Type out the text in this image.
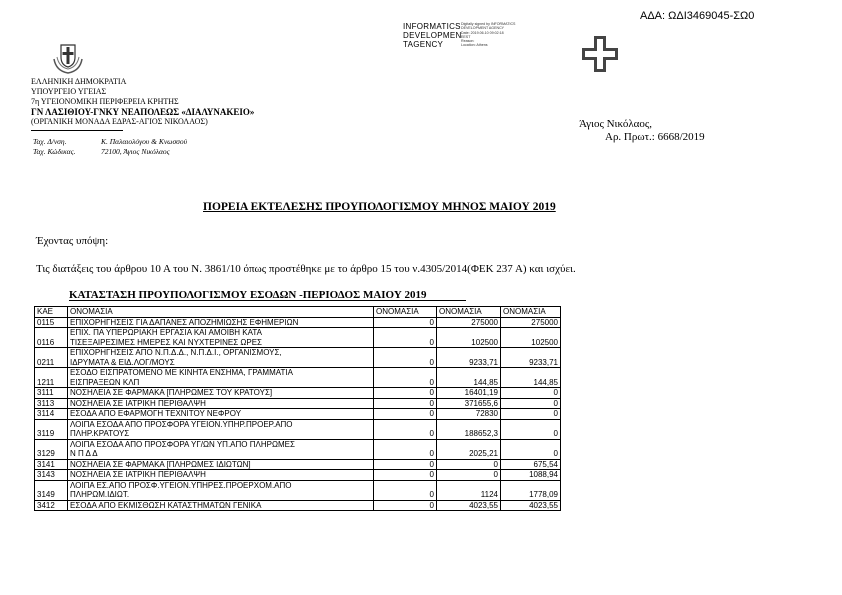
ΑΔΑ: ΩΔΙ3469045-ΣΩ0
INFORMATICS
DEVELOPMEN
TAGENCY
Digitally signed by INFORMATICS
DEVELOPMENT AGENCY
Date: 2019.06.10 09:02:18
EEST
Reason:
Location: Athens
ΕΛΛΗΝΙΚΗ ΔΗΜΟΚΡΑΤΙΑ
ΥΠΟΥΡΓΕΙΟ ΥΓΕΙΑΣ
7η ΥΓΕΙΟΝΟΜΙΚΗ ΠΕΡΙΦΕΡΕΙΑ ΚΡΗΤΗΣ
ΓΝ ΛΑΣΙΘΙΟΥ-ΓΝΚΥ ΝΕΑΠΟΛΕΩΣ «ΔΙΑΛΥΝΑΚΕΙΟ»
(ΟΡΓΑΝΙΚΗ ΜΟΝΑΔΑ ΕΔΡΑΣ-ΑΓΙΟΣ ΝΙΚΟΛΑΟΣ)
Ταχ. Δ/νση.	Κ. Παλαιολόγου & Κνωσσού
Ταχ. Κώδικας.	72100, Άγιος Νικόλαος
Άγιος Νικόλαος,
Αρ. Πρωτ.: 6668/2019
ΠΟΡΕΙΑ ΕΚΤΕΛΕΣΗΣ ΠΡΟΥΠΟΛΟΓΙΣΜΟΥ ΜΗΝΟΣ ΜΑΙΟΥ 2019
Έχοντας υπόψη:
Τις διατάξεις του άρθρου 10 Α του Ν. 3861/10 όπως προστέθηκε με το άρθρο 15 του ν.4305/2014(ΦΕΚ 237 Α) και ισχύει.
ΚΑΤΑΣΤΑΣΗ ΠΡΟΥΠΟΛΟΓΙΣΜΟΥ ΕΣΟΔΩΝ -ΠΕΡΙΟΔΟΣ ΜΑΙΟΥ 2019
ΚΑΕ	ΟΝΟΜΑΣΙΑ	ΟΝΟΜΑΣΙΑ	ΟΝΟΜΑΣΙΑ	ΟΝΟΜΑΣΙΑ
0115	ΕΠΙΧΟΡΗΓΗΣΕΙΣ ΓΙΑ ΔΑΠΑΝΕΣ ΑΠΟΖΗΜΙΩΣΗΣ ΕΦΗΜΕΡΙΩΝ	0	275000	275000
0116	ΕΠΙΧ. ΠΑ ΥΠΕΡΩΡΙΑΚΗ ΕΡΓΑΣΙΑ ΚΑΙ ΑΜΟΙΒΗ ΚΑΤΑ
ΤΙΣΕΞΑΙΡΕΣΙΜΕΣ ΗΜΕΡΕΣ ΚΑΙ ΝΥΧΤΕΡΙΝΕΣ ΩΡΕΣ	0	102500	102500
0211	ΕΠΙΧΟΡΗΓΗΣΕΙΣ ΑΠΟ Ν.Π.Δ.Δ., Ν.Π.Δ.Ι., ΟΡΓΑΝΙΣΜΟΥΣ,
ΙΔΡΥΜΑΤΑ & ΕΙΔ.ΛΟΓ/ΜΟΥΣ	0	9233,71	9233,71
1211	ΕΣΟΔΟ ΕΙΣΠΡΑΤΟΜΕΝΟ ΜΕ ΚΙΝΗΤΑ ΕΝΣΗΜΑ, ΓΡΑΜΜΑΤΙΑ
ΕΙΣΠΡΑΞΕΩΝ ΚΛΠ	0	144,85	144,85
3111	ΝΟΣΗΛΕΙΑ ΣΕ ΦΑΡΜΑΚΑ [ΠΛΗΡΩΜΕΣ ΤΟΥ ΚΡΑΤΟΥΣ]	0	16401,19	0
3113	ΝΟΣΗΛΕΙΑ ΣΕ ΙΑΤΡΙΚΗ ΠΕΡΙΘΑΛΨΗ	0	371655,6	0
3114	ΕΣΟΔΑ ΑΠΟ ΕΦΑΡΜΟΓΗ ΤΕΧΝΙΤΟΥ ΝΕΦΡΟΥ	0	72830	0
3119	ΛΟΙΠΑ ΕΣΟΔΑ ΑΠΟ ΠΡΟΣΦΟΡΑ ΥΓΕΙΟΝ.ΥΠΗΡ.ΠΡΟΕΡ.ΑΠΟ
ΠΛΗΡ.ΚΡΑΤΟΥΣ	0	188652,3	0
3129	ΛΟΙΠΑ ΕΣΟΔΑ ΑΠΟ ΠΡΟΣΦΟΡΑ ΥΓ/ΩΝ ΥΠ.ΑΠΟ ΠΛΗΡΩΜΕΣ
Ν Π Δ Δ	0	2025,21	0
3141	ΝΟΣΗΛΕΙΑ ΣΕ ΦΑΡΜΑΚΑ [ΠΛΗΡΩΜΕΣ ΙΔΙΩΤΩΝ]	0	0	675,54
3143	ΝΟΣΗΛΕΙΑ ΣΕ ΙΑΤΡΙΚΗ ΠΕΡΙΘΑΛΨΗ	0	0	1088,94
3149	ΛΟΙΠΑ ΕΣ.ΑΠΟ ΠΡΟΣΦ.ΥΓΕΙΟΝ.ΥΠΗΡΕΣ.ΠΡΟΕΡΧΟΜ.ΑΠΟ
ΠΛΗΡΩΜ.ΙΔΙΩΤ.	0	1124	1778,09
3412	ΕΣΟΔΑ ΑΠΟ ΕΚΜΙΣΘΩΣΗ ΚΑΤΑΣΤΗΜΑΤΩΝ ΓΕΝΙΚΑ	0	4023,55	4023,55
